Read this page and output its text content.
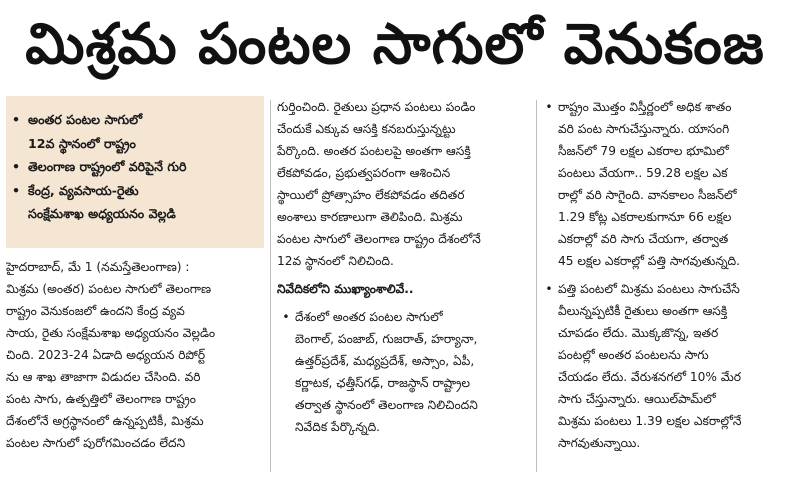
మిశ్రమ పంటల సాగులో వెనుకంజ
• అంతర పంటల సాగులో
12వ స్థానంలో రాష్ట్రం
• తెలంగాణ రాష్ట్రంలో వరిపైనే గురి
• కేంద్ర, వ్యవసాయ-రైతు
సంక్షేమశాఖ అధ్యయనం వెల్లడి
హైదరాబాద్, మే 1 (నమస్తేతెలంగాణ) :
మిశ్రమ (అంతర) పంటల సాగులో తెలంగాణ
రాష్ట్రం వెనుకంజలో ఉందని కేంద్ర వ్యవ
సాయ, రైతు సంక్షేమశాఖ అధ్యయనం వెల్లడిం
చింది. 2023-24 ఏడాది అధ్యయన రిపోర్ట్
ను ఆ శాఖ తాజాగా విడుదల చేసింది. వరి
పంట సాగు, ఉత్పత్తిలో తెలంగాణ రాష్ట్రం
దేశంలోనే అగ్రస్థానంలో ఉన్నప్పటికీ, మిశ్రమ
పంటల సాగులో పురోగమించడం లేదని
గుర్తించింది. రైతులు ప్రధాన పంటలు పండిం
చేందుకే ఎక్కువ ఆసక్తి కనబరుస్తున్నట్టు
పేర్కొంది. అంతర పంటలపై అంతగా ఆసక్తి
లేకపోవడం, ప్రభుత్వపరంగా ఆశించిన
స్థాయిలో ప్రోత్సాహం లేకపోవడం తదితర
అంశాలు కారణాలుగా తెలిపింది. మిశ్రమ
పంటల సాగులో తెలంగాణ రాష్ట్రం దేశంలోనే
12వ స్థానంలో నిలిచింది.
నివేదికలోని ముఖ్యాంశాలివే..
• దేశంలో అంతర పంటల సాగులో
బెంగాల్, పంజాబ్, గుజరాత్, హర్యానా,
ఉత్తర్‌ప్రదేశ్, మధ్యప్రదేశ్, అస్సాం, ఏపీ,
కర్ణాటక, ఛత్తీస్‌గఢ్, రాజస్థాన్ రాష్ట్రాల
తర్వాత స్థానంలో తెలంగాణ నిలిచిందని
నివేదిక పేర్కొన్నది.
• రాష్ట్రం మొత్తం విస్తీర్ణంలో అధిక శాతం
వరి పంట సాగుచేస్తున్నారు. యాసంగి
సీజన్‌లో 79 లక్షల ఎకరాల భూమిలో
పంటలు వేయగా.. 59.28 లక్షల ఎక
రాల్లో వరి సాగైంది. వానకాలం సీజన్‌లో
1.29 కోట్ల ఎకరాలకుగానూ 66 లక్షల
ఎకరాల్లో వరి సాగు చేయగా, తర్వాత
45 లక్షల ఎకరాల్లో పత్తి సాగవుతున్నది.
• పత్తి పంటలో మిశ్రమ పంటలు సాగుచేసే
వీలున్నప్పటికీ రైతులు అంతగా ఆసక్తి
చూపడం లేదు. మొక్కజొన్న, ఇతర
పంటల్లో అంతర పంటలను సాగు
చేయడం లేదు. వేరుశనగలో 10% మేర
సాగు చేస్తున్నారు. ఆయిల్‌పామ్‌లో
మిశ్రమ పంటలు 1.39 లక్షల ఎకరాల్లోనే
సాగవుతున్నాయి.
